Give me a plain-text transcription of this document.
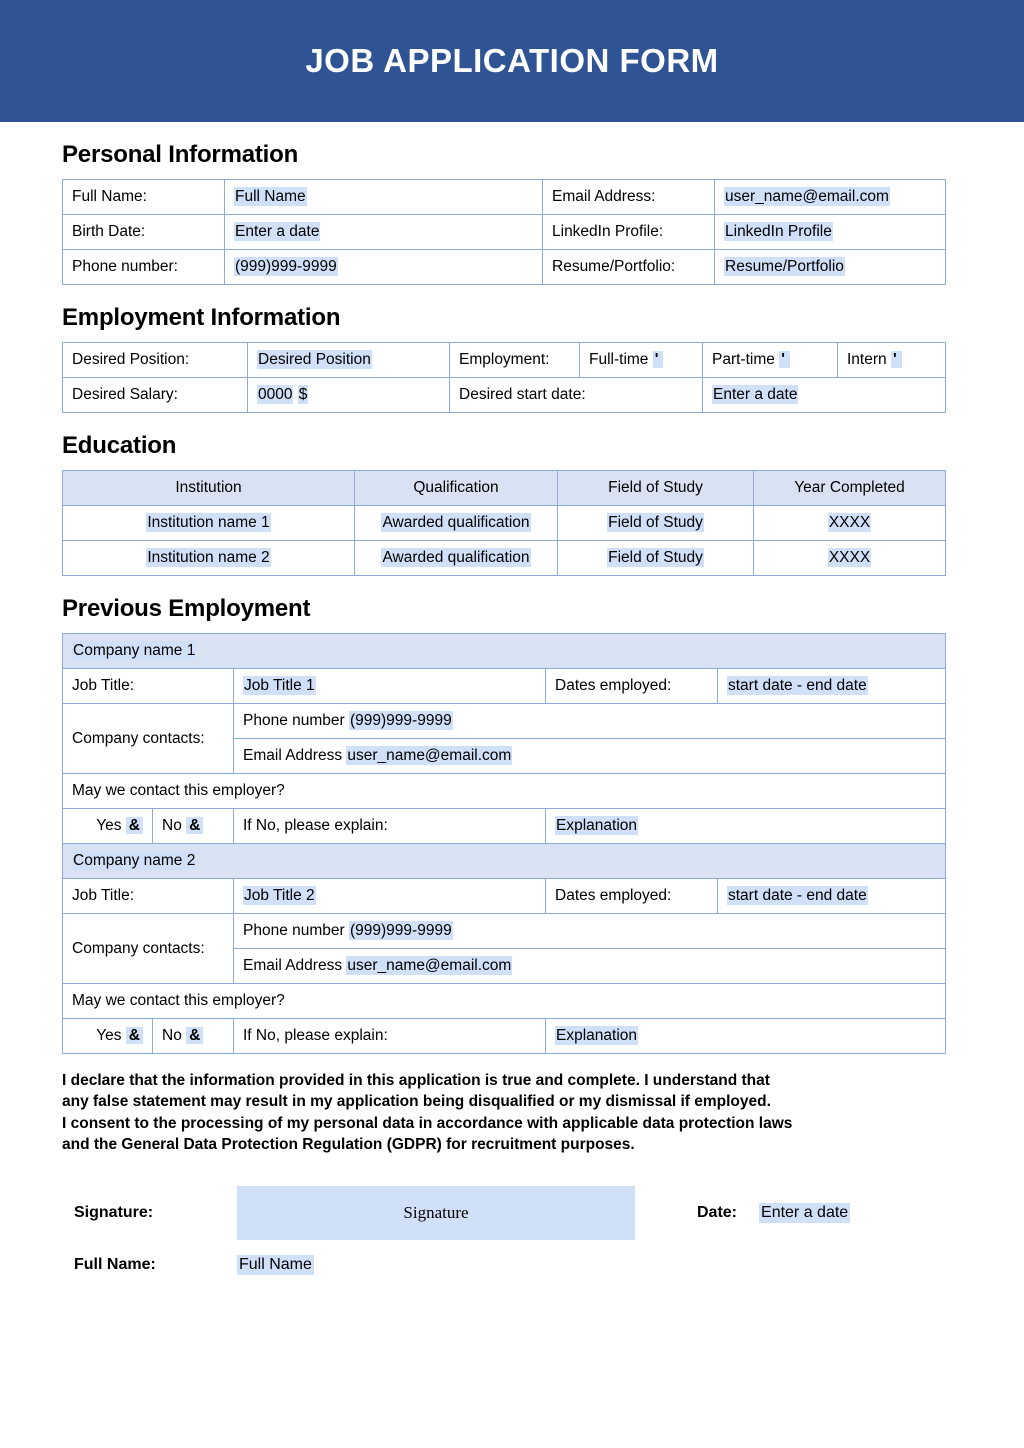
JOB APPLICATION FORM
Personal Information
Full Name:	Full Name	Email Address:	user_name@email.com
Birth Date:	Enter a date	LinkedIn Profile:	LinkedIn Profile
Phone number:	(999)999-9999	Resume/Portfolio:	Resume/Portfolio
Employment Information
Desired Position:	Desired Position	Employment:	Full-time '	Part-time '	Intern '
Desired Salary:	0000 $	Desired start date:		Enter a date	
Education
Institution	Qualification	Field of Study	Year Completed
Institution name 1	Awarded qualification	Field of Study	XXXX
Institution name 2	Awarded qualification	Field of Study	XXXX
Previous Employment
Company name 1				
Job Title:		Job Title 1	Dates employed:	start date - end date
Company contacts:		Phone number (999)999-9999		
		Email Address user_name@email.com		
May we contact this employer?				
Yes &	No &	If No, please explain:	Explanation	
Company name 2				
Job Title:		Job Title 2	Dates employed:	start date - end date
Company contacts:		Phone number (999)999-9999		
		Email Address user_name@email.com		
May we contact this employer?				
Yes &	No &	If No, please explain:	Explanation	
I declare that the information provided in this application is true and complete. I understand that
any false statement may result in my application being disqualified or my dismissal if employed.
I consent to the processing of my personal data in accordance with applicable data protection laws
and the General Data Protection Regulation (GDPR) for recruitment purposes.
Signature:	Signature	Date: Enter a date
Full Name:	Full Name
